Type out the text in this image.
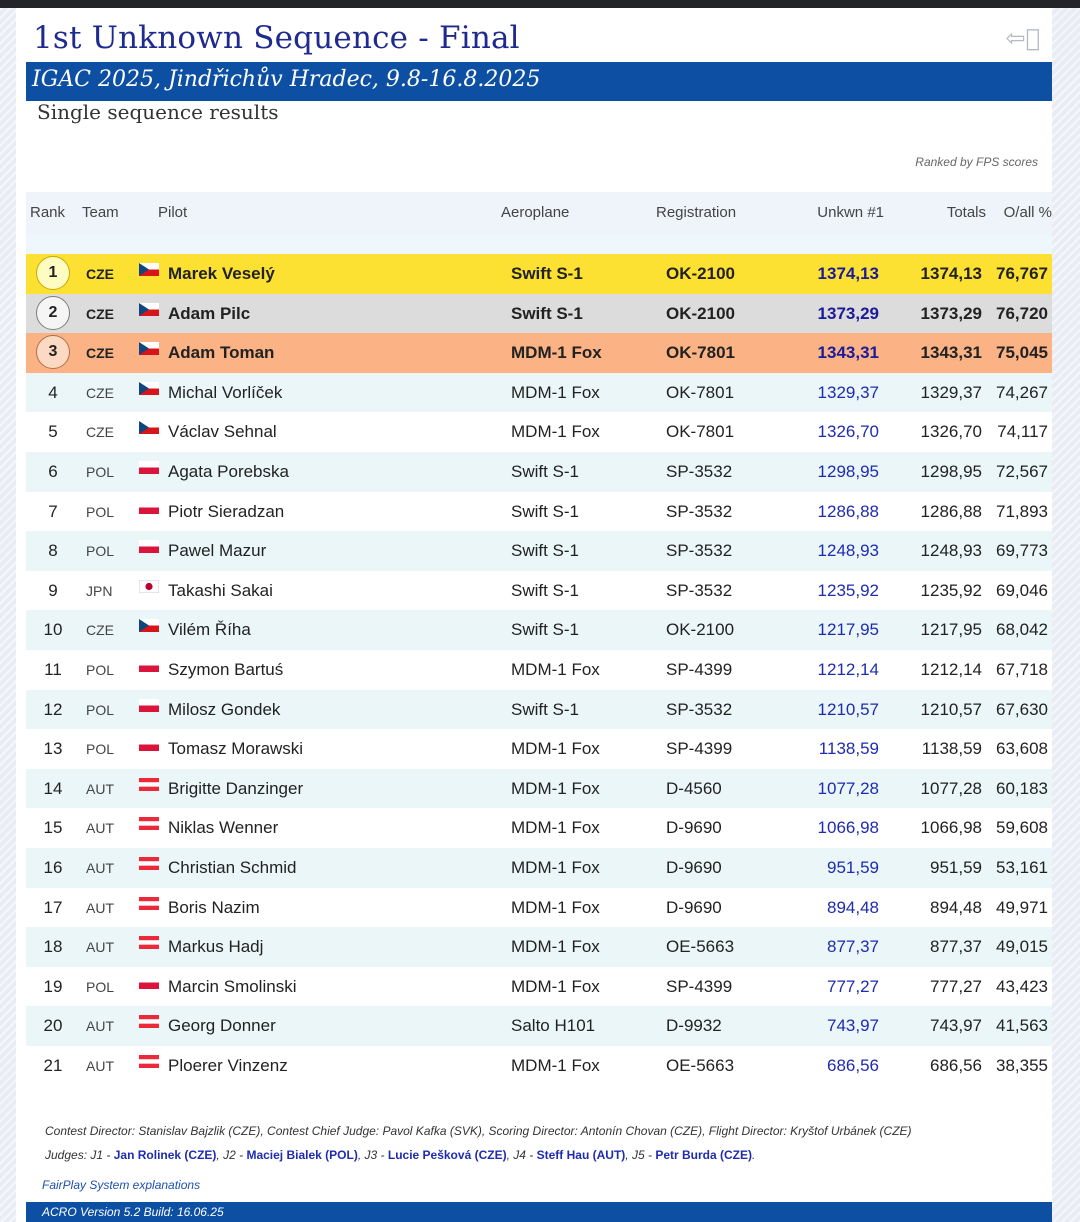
1st Unknown Sequence - Final	⇦⃞
IGAC 2025, Jindřichův Hradec, 9.8-16.8.2025
Single sequence results
Ranked by FPS scores
Rank Team	Pilot	Aeroplane	Registration	Unkwn #1	Totals O/all %
1	CZE	Marek Veselý	Swift S-1	OK-2100	1374,13 1374,13 76,767
2	CZE	Adam Pilc	Swift S-1	OK-2100	1373,29 1373,29 76,720
3	CZE	Adam Toman	MDM-1 Fox	OK-7801	1343,31 1343,31 75,045
4	CZE	Michal Vorlíček	MDM-1 Fox	OK-7801	1329,37 1329,37 74,267
5	CZE	Václav Sehnal	MDM-1 Fox	OK-7801	1326,70 1326,70 74,117
6	POL	Agata Porebska	Swift S-1	SP-3532	1298,95 1298,95 72,567
7	POL	Piotr Sieradzan	Swift S-1	SP-3532	1286,88 1286,88 71,893
8	POL	Pawel Mazur	Swift S-1	SP-3532	1248,93 1248,93 69,773
9	JPN	Takashi Sakai	Swift S-1	SP-3532	1235,92 1235,92 69,046
10	CZE	Vilém Říha	Swift S-1	OK-2100	1217,95 1217,95 68,042
11	POL	Szymon Bartuś	MDM-1 Fox	SP-4399	1212,14 1212,14 67,718
12	POL	Milosz Gondek	Swift S-1	SP-3532	1210,57 1210,57 67,630
13	POL	Tomasz Morawski	MDM-1 Fox	SP-4399	1138,59	1138,59 63,608
14	AUT	Brigitte Danzinger	MDM-1 Fox	D-4560	1077,28 1077,28 60,183
15	AUT	Niklas Wenner	MDM-1 Fox	D-9690	1066,98 1066,98 59,608
16	AUT	Christian Schmid	MDM-1 Fox	D-9690	951,59	951,59 53,161
17	AUT	Boris Nazim	MDM-1 Fox	D-9690	894,48	894,48 49,971
18	AUT	Markus Hadj	MDM-1 Fox	OE-5663	877,37	877,37 49,015
19	POL	Marcin Smolinski	MDM-1 Fox	SP-4399	777,27	777,27 43,423
20	AUT	Georg Donner	Salto H101	D-9932	743,97	743,97 41,563
21	AUT	Ploerer Vinzenz	MDM-1 Fox	OE-5663	686,56	686,56 38,355
Contest Director: Stanislav Bajzlik (CZE), Contest Chief Judge: Pavol Kafka (SVK), Scoring Director: Antonín Chovan (CZE), Flight Director: Kryštof Urbánek (CZE)
Judges: J1 - Jan Rolinek (CZE), J2 - Maciej Bialek (POL), J3 - Lucie Pešková (CZE), J4 - Steff Hau (AUT), J5 - Petr Burda (CZE).
FairPlay System explanations
ACRO Version 5.2 Build: 16.06.25
